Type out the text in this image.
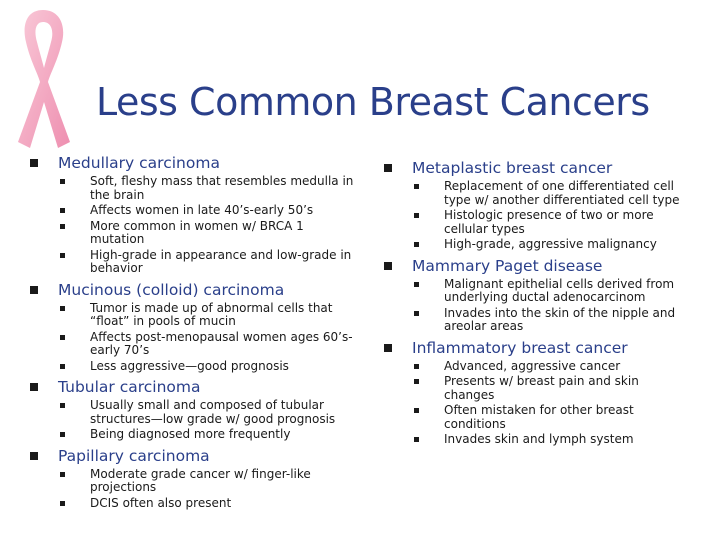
Less Common Breast Cancers
Medullary carcinoma
Soft, fleshy mass that resembles medulla in the brain
Affects women in late 40’s-early 50’s
More common in women w/ BRCA 1 mutation
High-grade in appearance and low-grade in behavior
Mucinous (colloid) carcinoma
Tumor is made up of abnormal cells that “float” in pools of mucin
Affects post-menopausal women ages 60’s-early 70’s
Less aggressive—good prognosis
Tubular carcinoma
Usually small and composed of tubular structures—low grade w/ good prognosis
Being diagnosed more frequently
Papillary carcinoma
Moderate grade cancer w/ finger-like projections
DCIS often also present
Metaplastic breast cancer
Replacement of one differentiated cell type w/ another differentiated cell type
Histologic presence of two or more cellular types
High-grade, aggressive malignancy
Mammary Paget disease
Malignant epithelial cells derived from underlying ductal adenocarcinom
Invades into the skin of the nipple and areolar areas
Inflammatory breast cancer
Advanced, aggressive cancer
Presents w/ breast pain and skin changes
Often mistaken for other breast conditions
Invades skin and lymph system
